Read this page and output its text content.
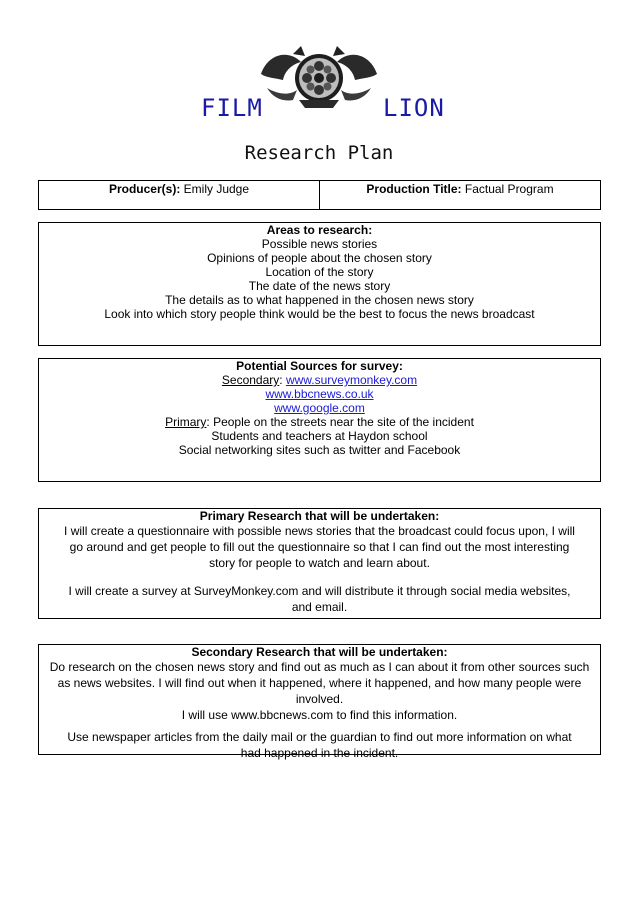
FILM	LION
Research Plan
Producer(s): Emily Judge	Production Title: Factual Program
Areas to research:
Possible news stories
Opinions of people about the chosen story
Location of the story
The date of the news story
The details as to what happened in the chosen news story
Look into which story people think would be the best to focus the news broadcast
Potential Sources for survey:
Secondary: www.surveymonkey.com
www.bbcnews.co.uk
www.google.com
Primary: People on the streets near the site of the incident
Students and teachers at Haydon school
Social networking sites such as twitter and Facebook
Primary Research that will be undertaken:

I will create a questionnaire with possible news stories that the broadcast could focus upon, I will go around and get people to fill out the questionnaire so that I can find out the most interesting story for people to watch and learn about.

I will create a survey at SurveyMonkey.com and will distribute it through social media websites, and email.

Secondary Research that will be undertaken:

Do research on the chosen news story and find out as much as I can about it from other sources such as news websites. I will find out when it happened, where it happened, and how many people were involved.

I will use www.bbcnews.com to find this information.

Use newspaper articles from the daily mail or the guardian to find out more information on what had happened in the incident.
